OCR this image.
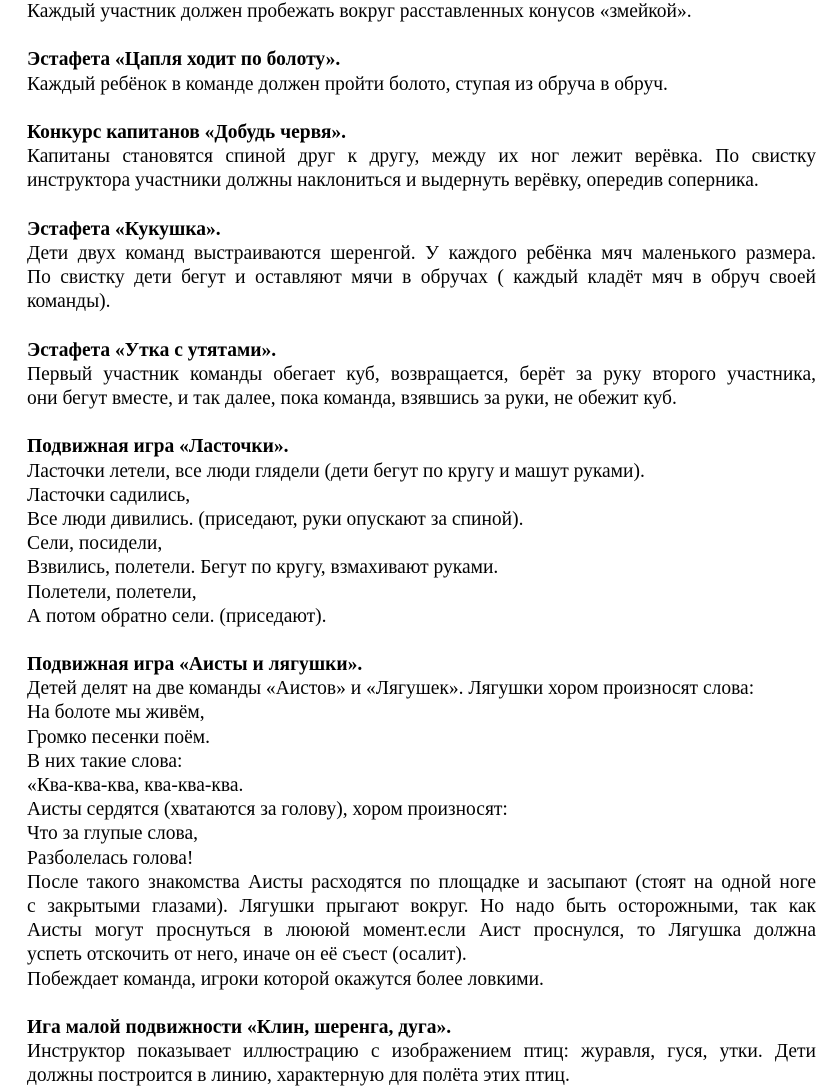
Каждый участник должен пробежать вокруг расставленных конусов «змейкой».
Эстафета «Цапля ходит по болоту».
Каждый ребёнок в команде должен пройти болото, ступая из обруча в обруч.
Конкурс капитанов «Добудь червя».
Капитаны становятся спиной друг к другу, между их ног лежит верёвка. По свистку
инструктора участники должны наклониться и выдернуть верёвку, опередив соперника.
Эстафета «Кукушка».
Дети двух команд выстраиваются шеренгой. У каждого ребёнка мяч маленького размера.
По свистку дети бегут и оставляют мячи в обручах ( каждый кладёт мяч в обруч своей
команды).
Эстафета «Утка с утятами».
Первый участник команды обегает куб, возвращается, берёт за руку второго участника,
они бегут вместе, и так далее, пока команда, взявшись за руки, не обежит куб.
Подвижная игра «Ласточки».
Ласточки летели, все люди глядели (дети бегут по кругу и машут руками).
Ласточки садились,
Все люди дивились. (приседают, руки опускают за спиной).
Сели, посидели,
Взвились, полетели. Бегут по кругу, взмахивают руками.
Полетели, полетели,
А потом обратно сели. (приседают).
Подвижная игра «Аисты и лягушки».
Детей делят на две команды «Аистов» и «Лягушек». Лягушки хором произносят слова:
На болоте мы живём,
Громко песенки поём.
В них такие слова:
«Ква-ква-ква, ква-ква-ква.
Аисты сердятся (хватаются за голову), хором произносят:
Что за глупые слова,
Разболелась голова!
После такого знакомства Аисты расходятся по площадке и засыпают (стоят на одной ноге
с закрытыми глазами). Лягушки прыгают вокруг. Но надо быть осторожными, так как
Аисты могут проснуться в люююй момент.если Аист проснулся, то Лягушка должна
успеть отскочить от него, иначе он её съест (осалит).
Побеждает команда, игроки которой окажутся более ловкими.
Ига малой подвижности «Клин, шеренга, дуга».
Инструктор показывает иллюстрацию с изображением птиц: журавля, гуся, утки. Дети
должны построится в линию, характерную для полёта этих птиц.
